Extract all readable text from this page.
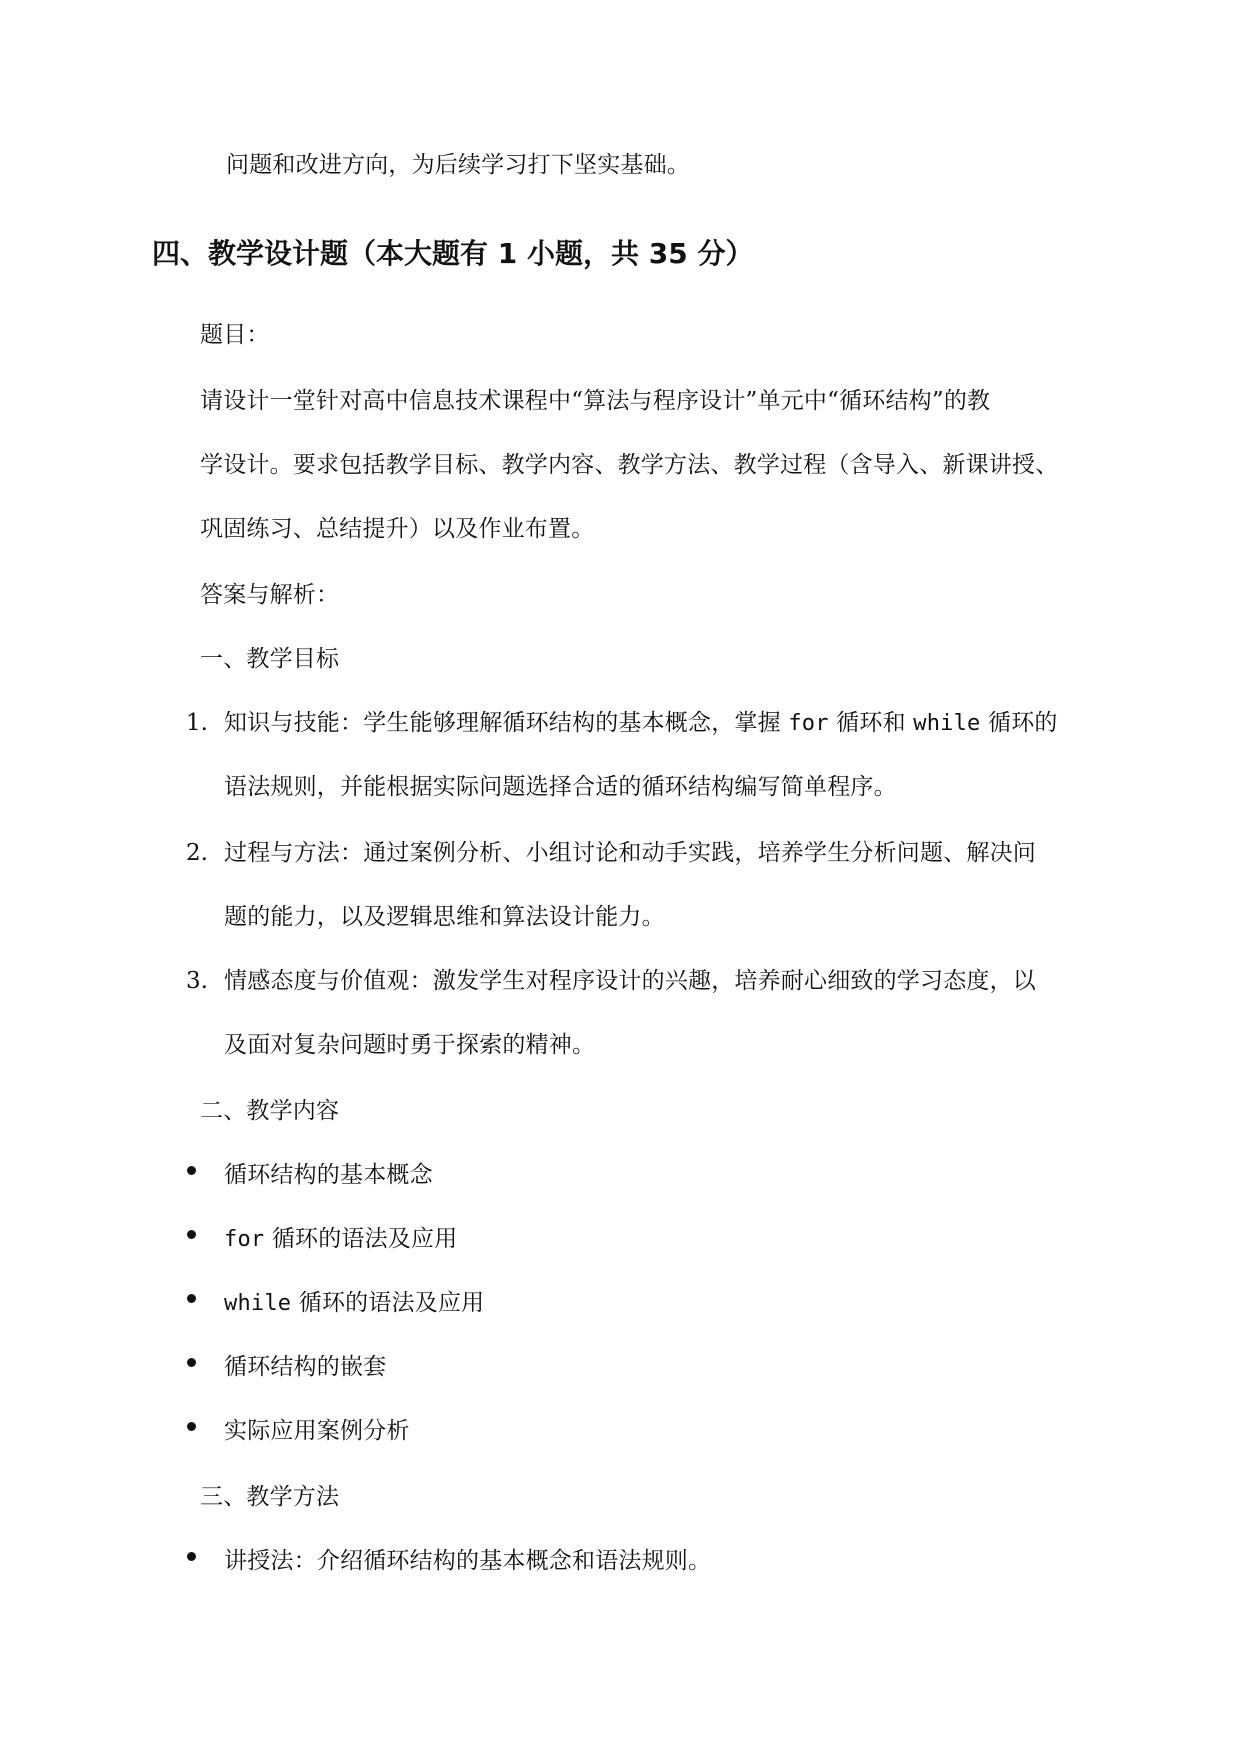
问题和改进方向，为后续学习打下坚实基础。
四、教学设计题（本大题有 1 小题，共 35 分）
题目：
请设计一堂针对高中信息技术课程中“算法与程序设计”单元中“循环结构”的教
学设计。要求包括教学目标、教学内容、教学方法、教学过程（含导入、新课讲授、
巩固练习、总结提升）以及作业布置。
答案与解析：
一、教学目标
1. 知识与技能：学生能够理解循环结构的基本概念，掌握 for 循环和 while 循环的
语法规则，并能根据实际问题选择合适的循环结构编写简单程序。
2. 过程与方法：通过案例分析、小组讨论和动手实践，培养学生分析问题、解决问
题的能力，以及逻辑思维和算法设计能力。
3. 情感态度与价值观：激发学生对程序设计的兴趣，培养耐心细致的学习态度，以
及面对复杂问题时勇于探索的精神。
二、教学内容
循环结构的基本概念
for 循环的语法及应用
while 循环的语法及应用
循环结构的嵌套
实际应用案例分析
三、教学方法
讲授法：介绍循环结构的基本概念和语法规则。
